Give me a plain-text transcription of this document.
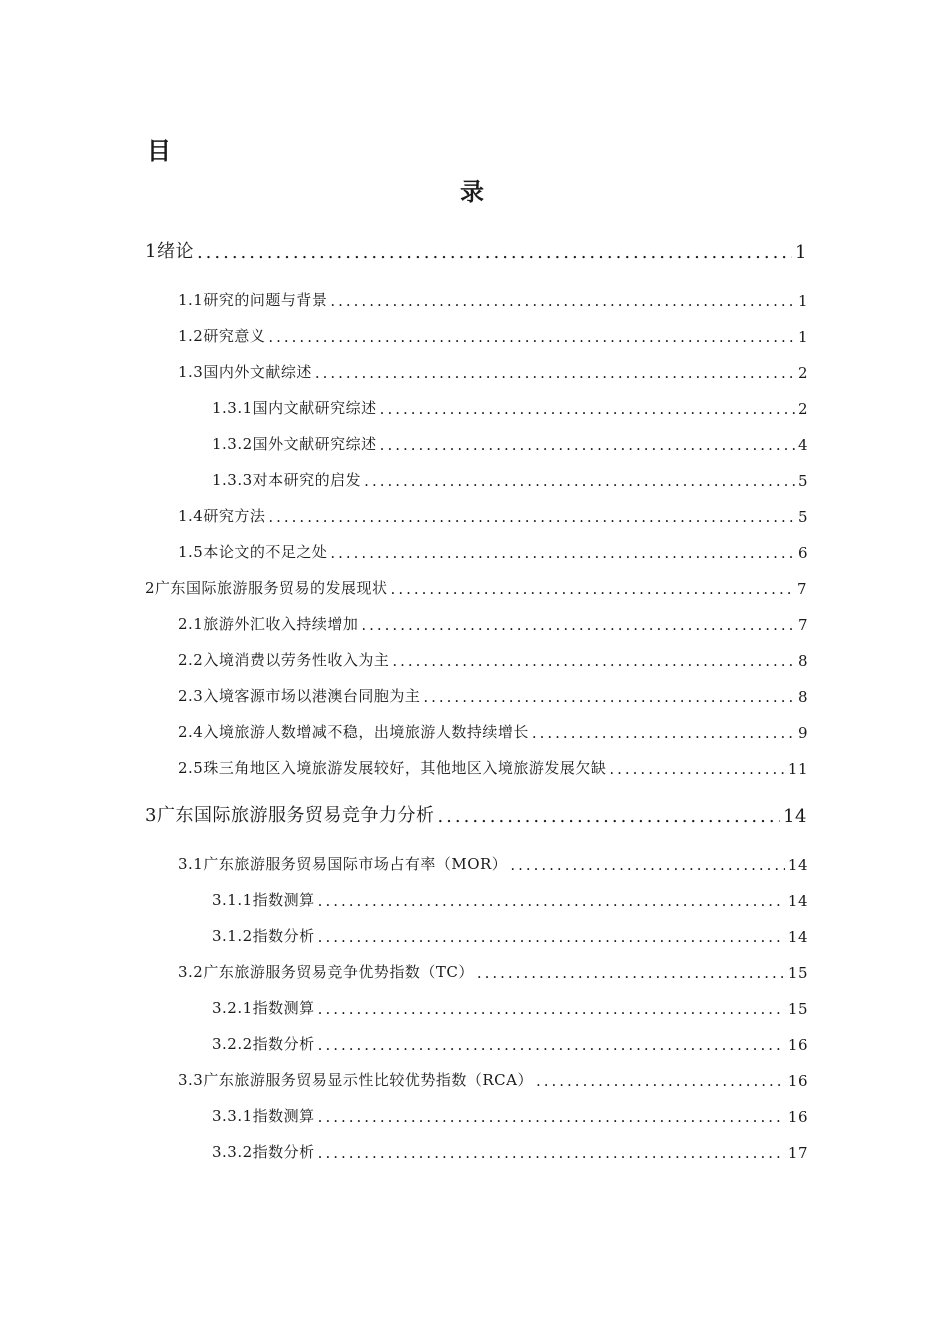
目
录
1绪论 .....	1
1.1研究的问题与背景 .....	1
1.2研究意义 .....	1
1.3国内外文献综述 .....	2
1.3.1国内文献研究综述 .....	2
1.3.2国外文献研究综述 .....	4
1.3.3对本研究的启发 .....	5
1.4研究方法 .....	5
1.5本论文的不足之处 .....	6
2广东国际旅游服务贸易的发展现状 .....	7
2.1旅游外汇收入持续增加 .....	7
2.2入境消费以劳务性收入为主 .....	8
2.3入境客源市场以港澳台同胞为主 .....	8
2.4入境旅游人数增减不稳，出境旅游人数持续增长 .....	9
2.5珠三角地区入境旅游发展较好，其他地区入境旅游发展欠缺 .....	11
3广东国际旅游服务贸易竞争力分析 .....	14
3.1广东旅游服务贸易国际市场占有率（MOR） .....	14
3.1.1指数测算 .....	14
3.1.2指数分析 .....	14
3.2广东旅游服务贸易竞争优势指数（TC） .....	15
3.2.1指数测算 .....	15
3.2.2指数分析 .....	16
3.3广东旅游服务贸易显示性比较优势指数（RCA） .....	16
3.3.1指数测算 .....	16
3.3.2指数分析 .....	17
